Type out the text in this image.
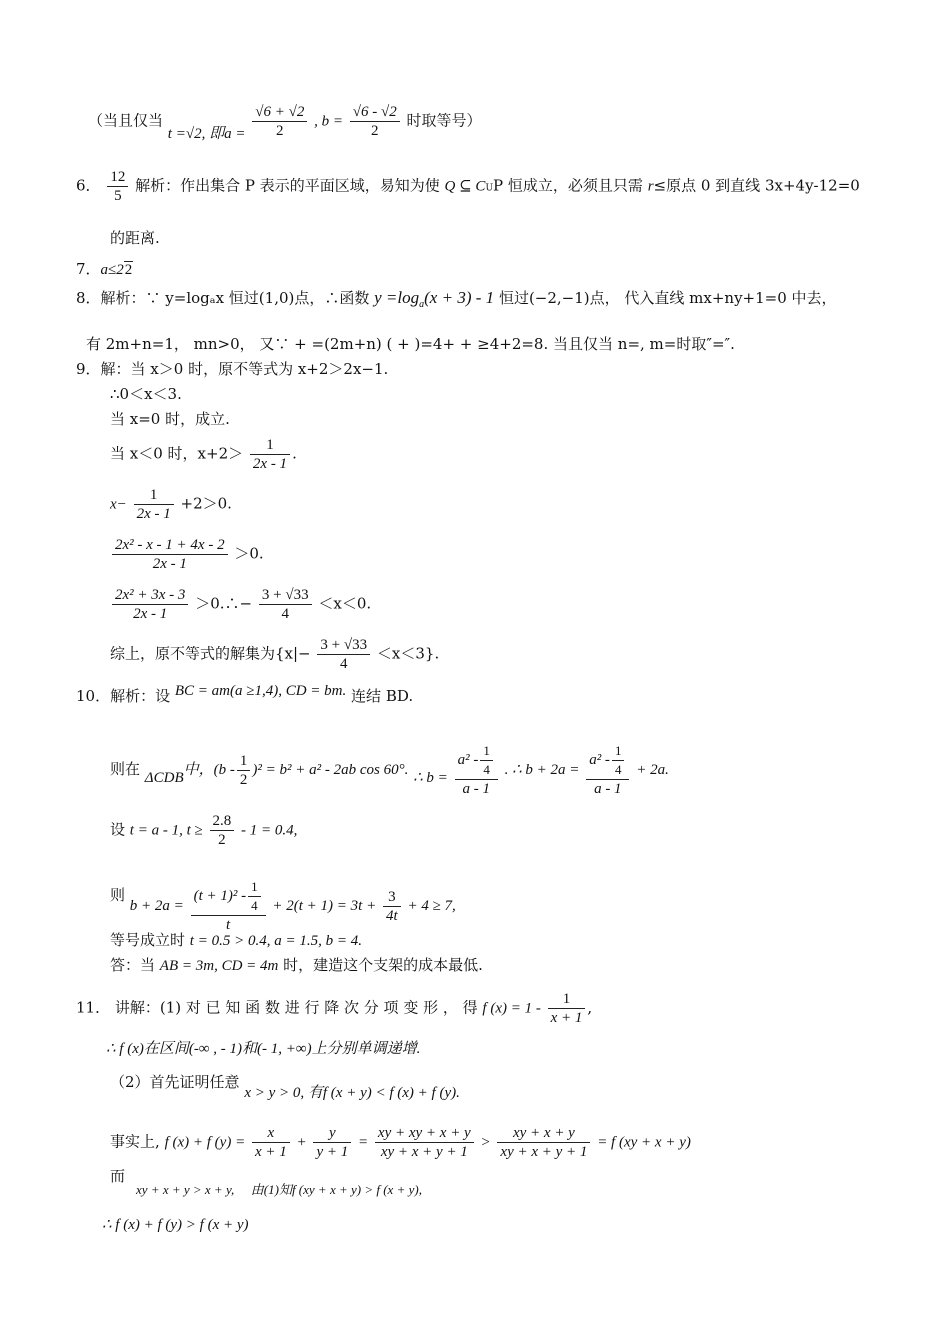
（当且仅当 t =√2, 即$a = \frac{√6 + √2}{2}$ , $b = \frac{√6 - √2}{2}$ 时取等号）
6． $\frac{12}{5}$ 解析：作出集合 P 表示的平面区域，易知为使 Q ⊆ CUP 恒成立，必须且只需 r≤原点 0 到直线 3x+4y-12=0
的距离.
7．a≤22
8．解析：∵ y=logₐx 恒过(1,0)点，∴函数 $y =\log_a(x + 3) - 1$ 恒过(−2,−1)点， 代入直线 mx+ny+1=0 中去，
有 2m+n=1， mn>0， 又∵ + =(2m+n) ( + )=4+ + ≥4+2=8. 当且仅当 n=, m=时取″=″.
9．解：当 x＞0 时，原不等式为 x+2＞2x−1.
∴0＜x＜3.
当 x=0 时，成立.
当 x＜0 时，$x+2> \frac{1}{2x - 1}$ .
$x- \frac{1}{2x - 1} +2>0$.
$\frac{\text{2x² - x - 1 + 4x - 2}}{2x - 1} >0$.
$\frac{\text{2x² + 3x - 3}}{2x - 1}$ ＞0.∴− $\frac{3 + √33}{4} <x<0$.
综上，原不等式的解集为$\{x|- \frac{3 + √33}{4} <x<3\}$.
10．解析：设 BC = am(a ≥1,4), CD = bm. 连结 BD.
则在 ΔCDB中，$(b - \frac{1}{2} )^2 = b^2 + a^2 - 2ab$ cos 60°. ∴ $b = \frac{a^2 - \frac{1}{4}}{a - 1}$ . ∴ $b + 2a = \frac{a^2 - \frac{1}{4}}{a - 1} + 2a$.
设 t = a - 1, $t \ge \frac{2.8}{2} - 1 = 0.4$,
则 $b + 2a = \frac{(t + 1)^2 - \frac{1}{4}}{t} + 2(t + 1) = 3t + \frac{3}{4t} + 4 \ge 7$,
等号成立时 t = 0.5 > 0.4, a = 1.5, b = 4.
答：当 AB = 3m, CD = 4m 时，建造这个支架的成本最低.
11． 讲解：(1) 对 已 知 函 数 进 行 降 次 分 项 变 形 ， 得 f $(x) = 1 - \frac{1}{x + 1}$ ,
∴ f (x)在区间(-∞ , - 1)和(- 1, +∞)上分别单调递增.
（2）首先证明任意 x > y > 0, 有f (x + y) < f (x) + f (y).
事实上, f (x) + f $(y) = \frac{x}{x + 1} + \frac{y}{y + 1} = \frac{xy + xy + x + y}{xy + x + y + 1} > \frac{xy + x + y}{xy + x + y + 1} = f$ (xy + x + y)
而
xy + x + y > x + y, 由(1)知f (xy + x + y) > f (x + y),
∴ f (x) + f (y) > f (x + y)
